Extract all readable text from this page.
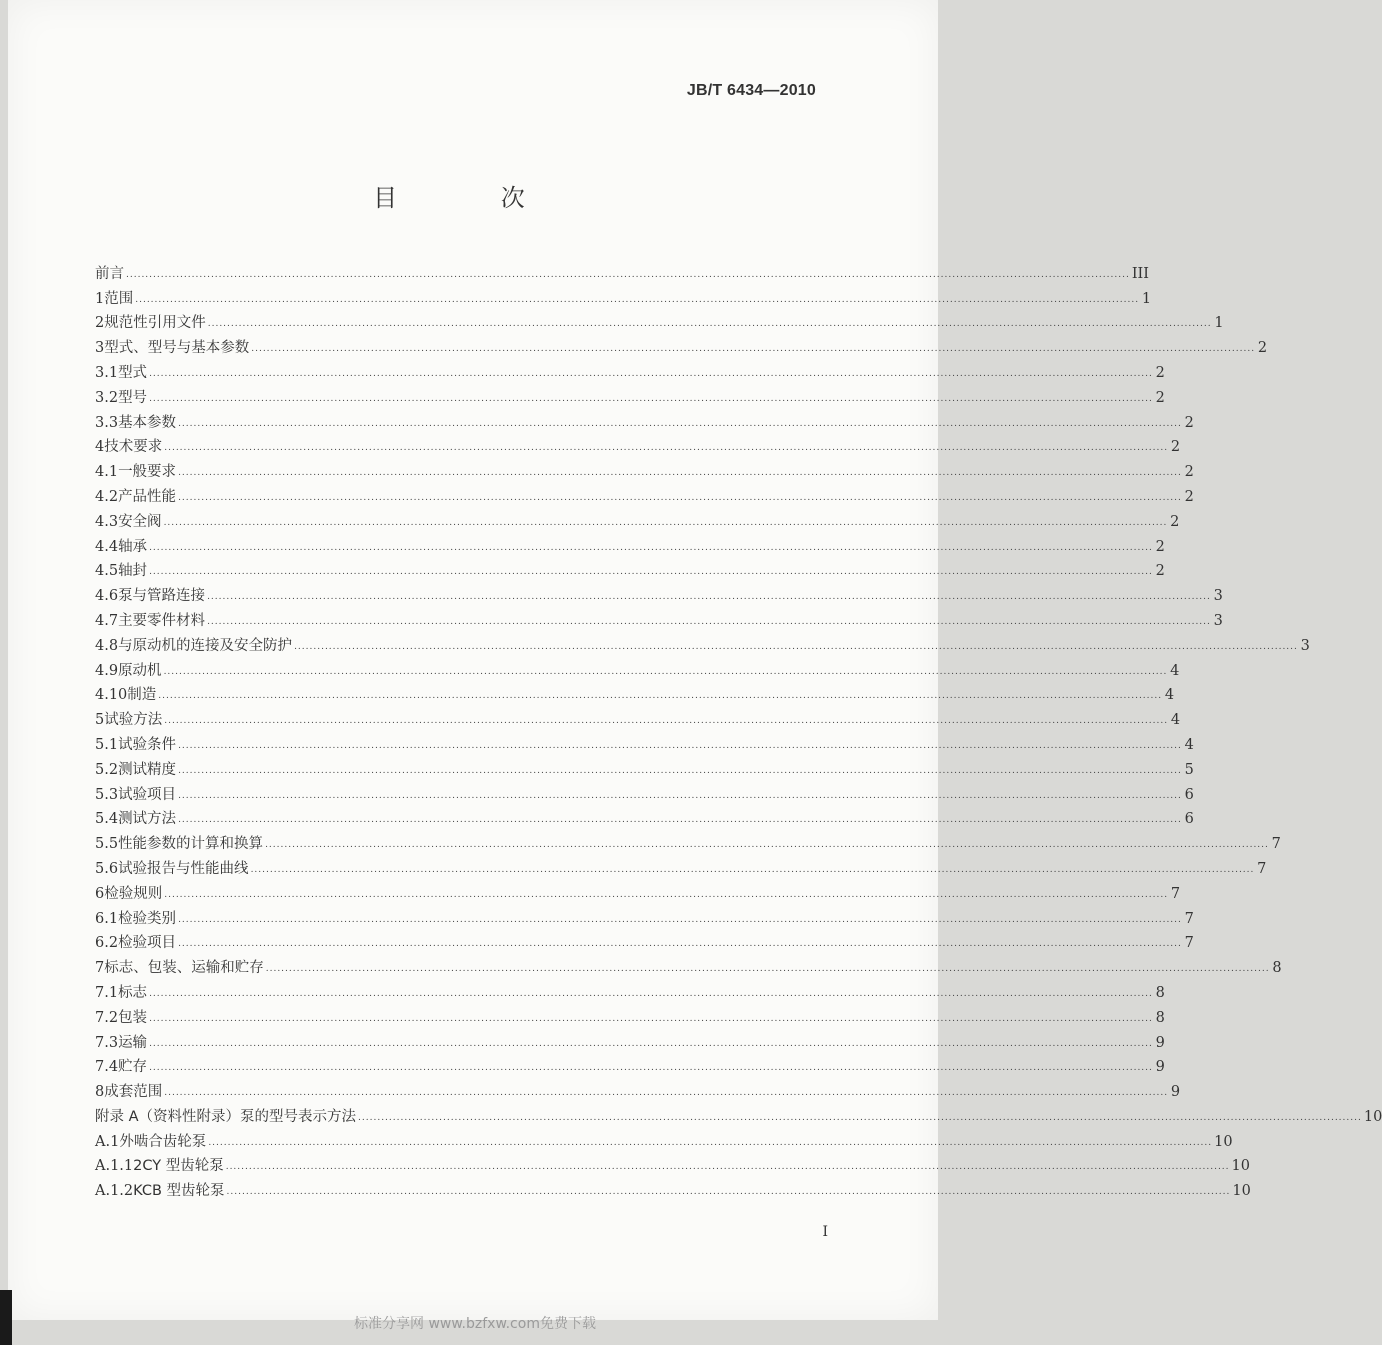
JB/T 6434—2010
目 次
前言 .................................................................................................................................................................................................................................................................... III
1 范围 .................................................................................................................................................................................................................................................................... 1
2 规范性引用文件 .................................................................................................................................................................................................................................................................... 1
3 型式、型号与基本参数 .................................................................................................................................................................................................................................................................... 2
3.1 型式 .................................................................................................................................................................................................................................................................... 2
3.2 型号 .................................................................................................................................................................................................................................................................... 2
3.3 基本参数 .................................................................................................................................................................................................................................................................... 2
4 技术要求 .................................................................................................................................................................................................................................................................... 2
4.1 一般要求 .................................................................................................................................................................................................................................................................... 2
4.2 产品性能 .................................................................................................................................................................................................................................................................... 2
4.3 安全阀 .................................................................................................................................................................................................................................................................... 2
4.4 轴承 .................................................................................................................................................................................................................................................................... 2
4.5 轴封 .................................................................................................................................................................................................................................................................... 2
4.6 泵与管路连接 .................................................................................................................................................................................................................................................................... 3
4.7 主要零件材料 .................................................................................................................................................................................................................................................................... 3
4.8 与原动机的连接及安全防护 .................................................................................................................................................................................................................................................................... 3
4.9 原动机 .................................................................................................................................................................................................................................................................... 4
4.10 制造 .................................................................................................................................................................................................................................................................... 4
5 试验方法 .................................................................................................................................................................................................................................................................... 4
5.1 试验条件 .................................................................................................................................................................................................................................................................... 4
5.2 测试精度 .................................................................................................................................................................................................................................................................... 5
5.3 试验项目 .................................................................................................................................................................................................................................................................... 6
5.4 测试方法 .................................................................................................................................................................................................................................................................... 6
5.5 性能参数的计算和换算 .................................................................................................................................................................................................................................................................... 7
5.6 试验报告与性能曲线 .................................................................................................................................................................................................................................................................... 7
6 检验规则 .................................................................................................................................................................................................................................................................... 7
6.1 检验类别 .................................................................................................................................................................................................................................................................... 7
6.2 检验项目 .................................................................................................................................................................................................................................................................... 7
7 标志、包装、运输和贮存 .................................................................................................................................................................................................................................................................... 8
7.1 标志 .................................................................................................................................................................................................................................................................... 8
7.2 包装 .................................................................................................................................................................................................................................................................... 8
7.3 运输 .................................................................................................................................................................................................................................................................... 9
7.4 贮存 .................................................................................................................................................................................................................................................................... 9
8 成套范围 .................................................................................................................................................................................................................................................................... 9
附录 A（资料性附录）泵的型号表示方法 .................................................................................................................................................................................................................................................................... 10
A.1 外啮合齿轮泵 .................................................................................................................................................................................................................................................................... 10
A.1.1 2CY 型齿轮泵 .................................................................................................................................................................................................................................................................... 10
A.1.2 KCB 型齿轮泵 .................................................................................................................................................................................................................................................................... 10
I
标准分享网 www.bzfxw.com免费下载
